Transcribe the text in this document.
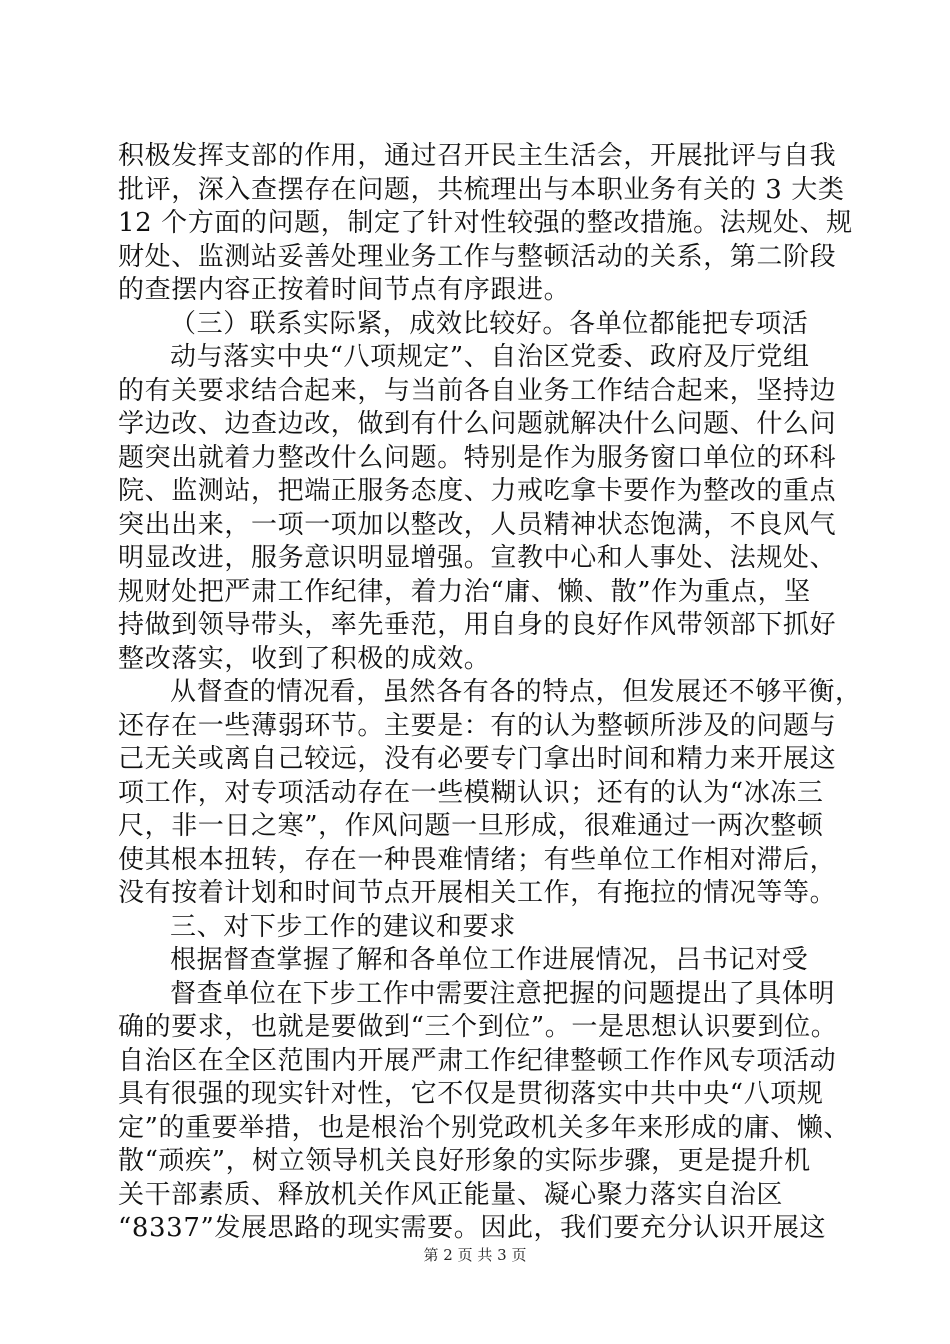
积极发挥支部的作用，通过召开民主生活会，开展批评与自我
批评，深入查摆存在问题，共梳理出与本职业务有关的 3 大类
12 个方面的问题，制定了针对性较强的整改措施。法规处、规
财处、监测站妥善处理业务工作与整顿活动的关系，第二阶段
的查摆内容正按着时间节点有序跟进。
（三）联系实际紧，成效比较好。各单位都能把专项活
动与落实中央“八项规定”、自治区党委、政府及厅党组
的有关要求结合起来，与当前各自业务工作结合起来，坚持边
学边改、边查边改，做到有什么问题就解决什么问题、什么问
题突出就着力整改什么问题。特别是作为服务窗口单位的环科
院、监测站，把端正服务态度、力戒吃拿卡要作为整改的重点
突出出来，一项一项加以整改，人员精神状态饱满，不良风气
明显改进，服务意识明显增强。宣教中心和人事处、法规处、
规财处把严肃工作纪律，着力治“庸、懒、散”作为重点，坚
持做到领导带头，率先垂范，用自身的良好作风带领部下抓好
整改落实，收到了积极的成效。
从督查的情况看，虽然各有各的特点，但发展还不够平衡，
还存在一些薄弱环节。主要是：有的认为整顿所涉及的问题与
己无关或离自己较远，没有必要专门拿出时间和精力来开展这
项工作，对专项活动存在一些模糊认识；还有的认为“冰冻三
尺，非一日之寒”，作风问题一旦形成，很难通过一两次整顿
使其根本扭转，存在一种畏难情绪；有些单位工作相对滞后，
没有按着计划和时间节点开展相关工作，有拖拉的情况等等。
三、对下步工作的建议和要求
根据督查掌握了解和各单位工作进展情况，吕书记对受
督查单位在下步工作中需要注意把握的问题提出了具体明
确的要求，也就是要做到“三个到位”。一是思想认识要到位。
自治区在全区范围内开展严肃工作纪律整顿工作作风专项活动
具有很强的现实针对性，它不仅是贯彻落实中共中央“八项规
定”的重要举措，也是根治个别党政机关多年来形成的庸、懒、
散“顽疾”，树立领导机关良好形象的实际步骤，更是提升机
关干部素质、释放机关作风正能量、凝心聚力落实自治区
“8337”发展思路的现实需要。因此，我们要充分认识开展这
第 2 页 共 3 页
